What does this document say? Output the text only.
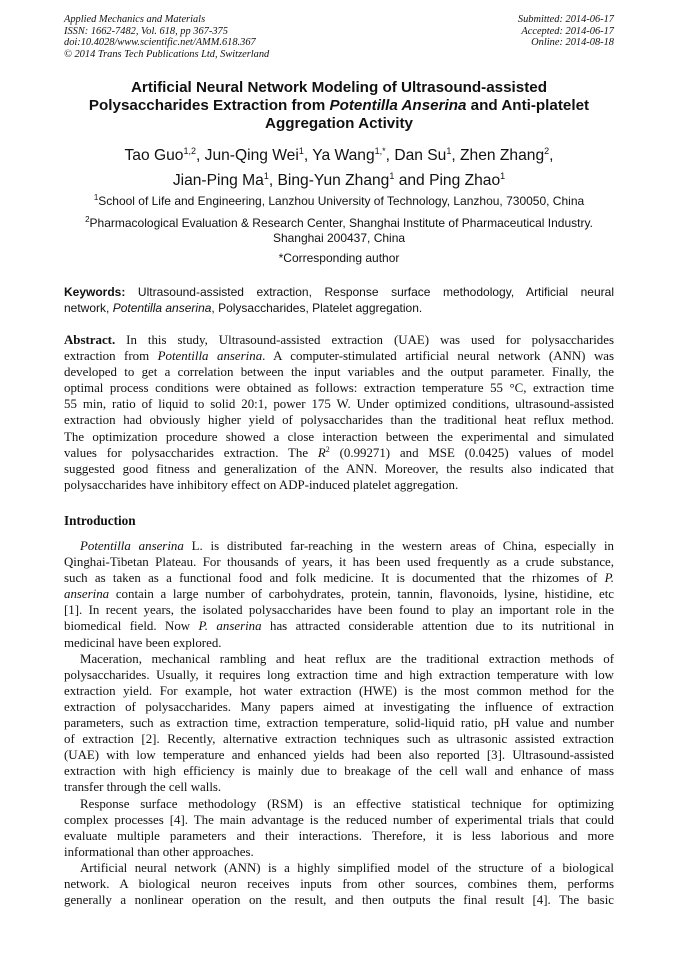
Applied Mechanics and Materials
ISSN: 1662-7482, Vol. 618, pp 367-375
doi:10.4028/www.scientific.net/AMM.618.367
© 2014 Trans Tech Publications Ltd, Switzerland
Submitted: 2014-06-17
Accepted: 2014-06-17
Online: 2014-08-18
Artificial Neural Network Modeling of Ultrasound-assisted
Polysaccharides Extraction from Potentilla Anserina and Anti-platelet
Aggregation Activity
Tao Guo$^{1,2}$, Jun-Qing Wei$^1$, Ya Wang$^{1,*}$, Dan Su$^1$, Zhen Zhang$^2$,
Jian-Ping Ma$^1$, Bing-Yun Zhang$^1$ and Ping Zhao$^1$
$^1$School of Life and Engineering, Lanzhou University of Technology, Lanzhou, 730050, China
$^2$Pharmacological Evaluation & Research Center, Shanghai Institute of Pharmaceutical Industry.
Shanghai 200437, China
*Corresponding author
Keywords: Ultrasound-assisted extraction, Response surface methodology, Artificial neural
network, Potentilla anserina, Polysaccharides, Platelet aggregation.
Abstract. In this study, Ultrasound-assisted extraction (UAE) was used for polysaccharides
extraction from Potentilla anserina. A computer-stimulated artificial neural network (ANN) was
developed to get a correlation between the input variables and the output parameter. Finally, the
optimal process conditions were obtained as follows: extraction temperature 55 °C, extraction time
55 min, ratio of liquid to solid 20:1, power 175 W. Under optimized conditions, ultrasound-assisted
extraction had obviously higher yield of polysaccharides than the traditional heat reflux method.
The optimization procedure showed a close interaction between the experimental and simulated
values for polysaccharides extraction. The $R^2$ (0.99271) and MSE (0.0425) values of model
suggested good fitness and generalization of the ANN. Moreover, the results also indicated that
polysaccharides have inhibitory effect on ADP-induced platelet aggregation.
Introduction
Potentilla anserina L. is distributed far-reaching in the western areas of China, especially in
Qinghai-Tibetan Plateau. For thousands of years, it has been used frequently as a crude substance,
such as taken as a functional food and folk medicine. It is documented that the rhizomes of P.
anserina contain a large number of carbohydrates, protein, tannin, flavonoids, lysine, histidine, etc
[1]. In recent years, the isolated polysaccharides have been found to play an important role in the
biomedical field. Now P. anserina has attracted considerable attention due to its nutritional in
medicinal have been explored.
Maceration, mechanical rambling and heat reflux are the traditional extraction methods of
polysaccharides. Usually, it requires long extraction time and high extraction temperature with low
extraction yield. For example, hot water extraction (HWE) is the most common method for the
extraction of polysaccharides. Many papers aimed at investigating the influence of extraction
parameters, such as extraction time, extraction temperature, solid-liquid ratio, pH value and number
of extraction [2]. Recently, alternative extraction techniques such as ultrasonic assisted extraction
(UAE) with low temperature and enhanced yields had been also reported [3]. Ultrasound-assisted
extraction with high efficiency is mainly due to breakage of the cell wall and enhance of mass
transfer through the cell walls.
Response surface methodology (RSM) is an effective statistical technique for optimizing
complex processes [4]. The main advantage is the reduced number of experimental trials that could
evaluate multiple parameters and their interactions. Therefore, it is less laborious and more
informational than other approaches.
Artificial neural network (ANN) is a highly simplified model of the structure of a biological
network. A biological neuron receives inputs from other sources, combines them, performs
generally a nonlinear operation on the result, and then outputs the final result [4]. The basic
